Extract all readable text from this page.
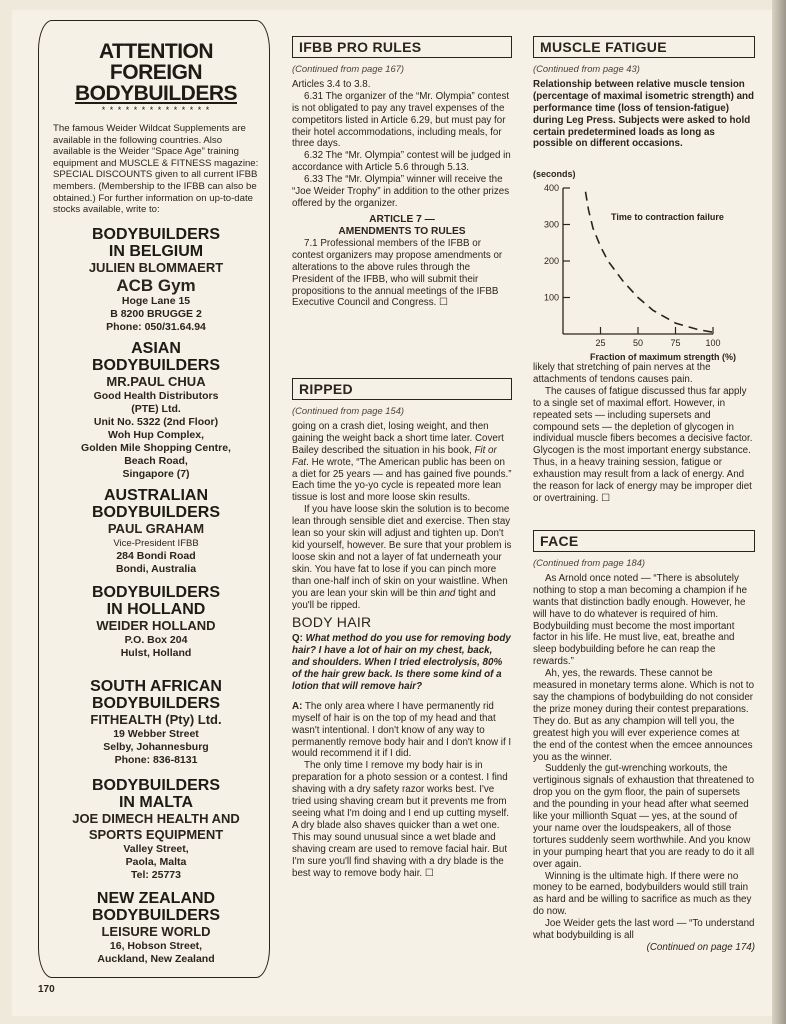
ATTENTION
FOREIGN
BODYBUILDERS
* * * * * * * * * * * * * *

The famous Weider Wildcat Supplements are available in the following countries. Also available is the Weider “Space Age” training equipment and MUSCLE & FITNESS magazine:

SPECIAL DISCOUNTS given to all current IFBB members. (Membership to the IFBB can also be obtained.) For further information on up-to-date stocks available, write to:

BODYBUILDERS
IN BELGIUM
JULIEN BLOMMAERT
ACB Gym
Hoge Lane 15
B 8200 BRUGGE 2
Phone: 050/31.64.94
ASIAN
BODYBUILDERS
MR.PAUL CHUA
Good Health Distributors
(PTE) Ltd.
Unit No. 5322 (2nd Floor)
Woh Hup Complex,
Golden Mile Shopping Centre,
Beach Road,
Singapore (7)
AUSTRALIAN
BODYBUILDERS
PAUL GRAHAM
Vice-President IFBB
284 Bondi Road
Bondi, Australia
BODYBUILDERS
IN HOLLAND
WEIDER HOLLAND
P.O. Box 204
Hulst, Holland
SOUTH AFRICAN
BODYBUILDERS
FITHEALTH (Pty) Ltd.
19 Webber Street
Selby, Johannesburg
Phone: 836-8131
BODYBUILDERS
IN MALTA
JOE DIMECH HEALTH AND
SPORTS EQUIPMENT
Valley Street,
Paola, Malta
Tel: 25773
NEW ZEALAND
BODYBUILDERS
LEISURE WORLD
16, Hobson Street,
Auckland, New Zealand
IFBB PRO RULES
(Continued from page 167)

Articles 3.4 to 3.8.

6.31 The organizer of the “Mr. Olympia” contest is not obligated to pay any travel expenses of the competitors listed in Article 6.29, but must pay for their hotel accommodations, including meals, for three days.

6.32 The “Mr. Olympia” contest will be judged in accordance with Article 5.6 through 5.13.

6.33 The “Mr. Olympia” winner will receive the “Joe Weider Trophy” in addition to the other prizes offered by the organizer.

ARTICLE 7 —
AMENDMENTS TO RULES

7.1 Professional members of the IFBB or contest organizers may propose amendments or alterations to the above rules through the President of the IFBB, who will submit their propositions to the annual meetings of the IFBB Executive Council and Congress. ☐

RIPPED
(Continued from page 154)

going on a crash diet, losing weight, and then gaining the weight back a short time later. Covert Bailey described the situation in his book, Fit or Fat. He wrote, “The American public has been on a diet for 25 years — and has gained five pounds.” Each time the yo-yo cycle is repeated more lean tissue is lost and more loose skin results.

If you have loose skin the solution is to become lean through sensible diet and exercise. Then stay lean so your skin will adjust and tighten up. Don't kid yourself, however. Be sure that your problem is loose skin and not a layer of fat underneath your skin. You have fat to lose if you can pinch more than one-half inch of skin on your waistline. When you are lean your skin will be thin and tight and you'll be ripped.

BODY HAIR

Q: What method do you use for removing body hair? I have a lot of hair on my chest, back, and shoulders. When I tried electrolysis, 80% of the hair grew back. Is there some kind of a lotion that will remove hair?

A: The only area where I have permanently rid myself of hair is on the top of my head and that wasn't intentional. I don't know of any way to permanently remove body hair and I don't know if I would recommend it if I did.

The only time I remove my body hair is in preparation for a photo session or a contest. I find shaving with a dry safety razor works best. I've tried using shaving cream but it prevents me from seeing what I'm doing and I end up cutting myself. A dry blade also shaves quicker than a wet one. This may sound unusual since a wet blade and shaving cream are used to remove facial hair. But I'm sure you'll find shaving with a dry blade is the best way to remove body hair. ☐

MUSCLE FATIGUE
(Continued from page 43)

Relationship between relative muscle tension (percentage of maximal isometric strength) and performance time (loss of tension-fatigue) during Leg Press. Subjects were asked to hold certain predetermined loads as long as possible on different occasions.

(seconds)
100
200
300
400
25	50	75	100
Time to contraction failure
Fraction of maximum strength (%)

likely that stretching of pain nerves at the attachments of tendons causes pain.

The causes of fatigue discussed thus far apply to a single set of maximal effort. However, in repeated sets — including supersets and compound sets — the depletion of glycogen in individual muscle fibers becomes a decisive factor. Glycogen is the most important energy substance. Thus, in a heavy training session, fatigue or exhaustion may result from a lack of energy. And the reason for lack of energy may be improper diet or overtraining. ☐

FACE
(Continued from page 184)

As Arnold once noted — “There is absolutely nothing to stop a man becoming a champion if he wants that distinction badly enough. However, he will have to do whatever is required of him. Bodybuilding must become the most important factor in his life. He must live, eat, breathe and sleep bodybuilding before he can reap the rewards.”

Ah, yes, the rewards. These cannot be measured in monetary terms alone. Which is not to say the champions of bodybuilding do not consider the prize money during their contest preparations. They do. But as any champion will tell you, the greatest high you will ever experience comes at the end of the contest when the emcee announces you as the winner.

Suddenly the gut-wrenching workouts, the vertiginous signals of exhaustion that threatened to drop you on the gym floor, the pain of supersets and the pounding in your head after what seemed like your millionth Squat — yes, at the sound of your name over the loudspeakers, all of those tortures suddenly seem worthwhile. And you know in your pumping heart that you are ready to do it all over again.

Winning is the ultimate high. If there were no money to be earned, bodybuilders would still train as hard and be willing to sacrifice as much as they do now.

Joe Weider gets the last word — “To understand what bodybuilding is all

(Continued on page 174)

170
